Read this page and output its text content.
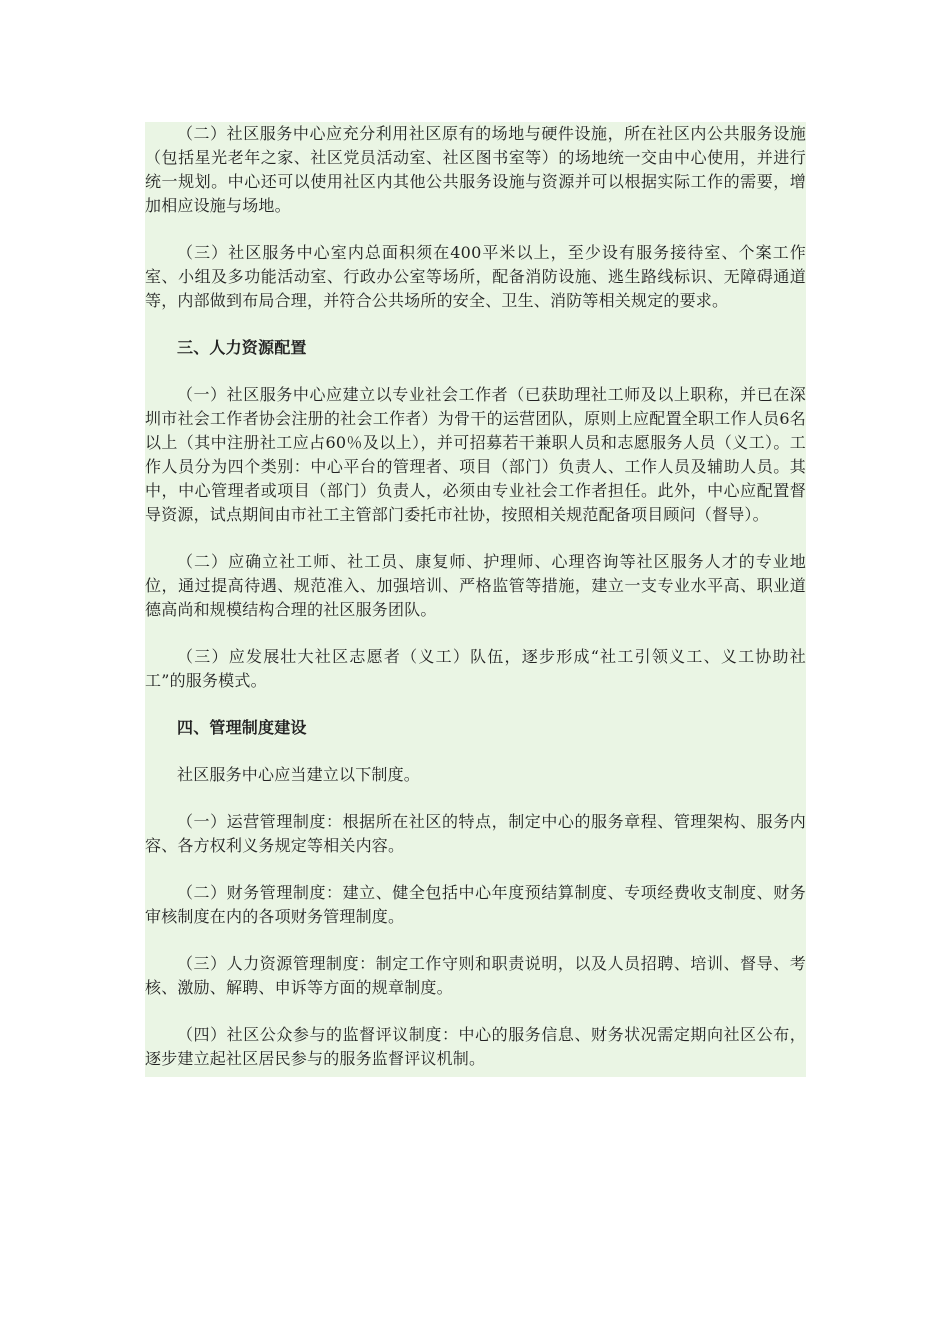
（二）社区服务中心应充分利用社区原有的场地与硬件设施，所在社区内公共服务设施（包括星光老年之家、社区党员活动室、社区图书室等）的场地统一交由中心使用，并进行统一规划。中心还可以使用社区内其他公共服务设施与资源并可以根据实际工作的需要，增加相应设施与场地。

（三）社区服务中心室内总面积须在400平米以上，至少设有服务接待室、个案工作室、小组及多功能活动室、行政办公室等场所，配备消防设施、逃生路线标识、无障碍通道等，内部做到布局合理，并符合公共场所的安全、卫生、消防等相关规定的要求。

三、人力资源配置

（一）社区服务中心应建立以专业社会工作者（已获助理社工师及以上职称，并已在深圳市社会工作者协会注册的社会工作者）为骨干的运营团队，原则上应配置全职工作人员6名以上（其中注册社工应占60％及以上），并可招募若干兼职人员和志愿服务人员（义工）。工作人员分为四个类别：中心平台的管理者、项目（部门）负责人、工作人员及辅助人员。其中，中心管理者或项目（部门）负责人，必须由专业社会工作者担任。此外，中心应配置督导资源，试点期间由市社工主管部门委托市社协，按照相关规范配备项目顾问（督导）。

（二）应确立社工师、社工员、康复师、护理师、心理咨询等社区服务人才的专业地位，通过提高待遇、规范准入、加强培训、严格监管等措施，建立一支专业水平高、职业道德高尚和规模结构合理的社区服务团队。

（三）应发展壮大社区志愿者（义工）队伍，逐步形成“社工引领义工、义工协助社工”的服务模式。

四、管理制度建设

社区服务中心应当建立以下制度。

（一）运营管理制度：根据所在社区的特点，制定中心的服务章程、管理架构、服务内容、各方权利义务规定等相关内容。

（二）财务管理制度：建立、健全包括中心年度预结算制度、专项经费收支制度、财务审核制度在内的各项财务管理制度。

（三）人力资源管理制度：制定工作守则和职责说明，以及人员招聘、培训、督导、考核、激励、解聘、申诉等方面的规章制度。

（四）社区公众参与的监督评议制度：中心的服务信息、财务状况需定期向社区公布，逐步建立起社区居民参与的服务监督评议机制。
